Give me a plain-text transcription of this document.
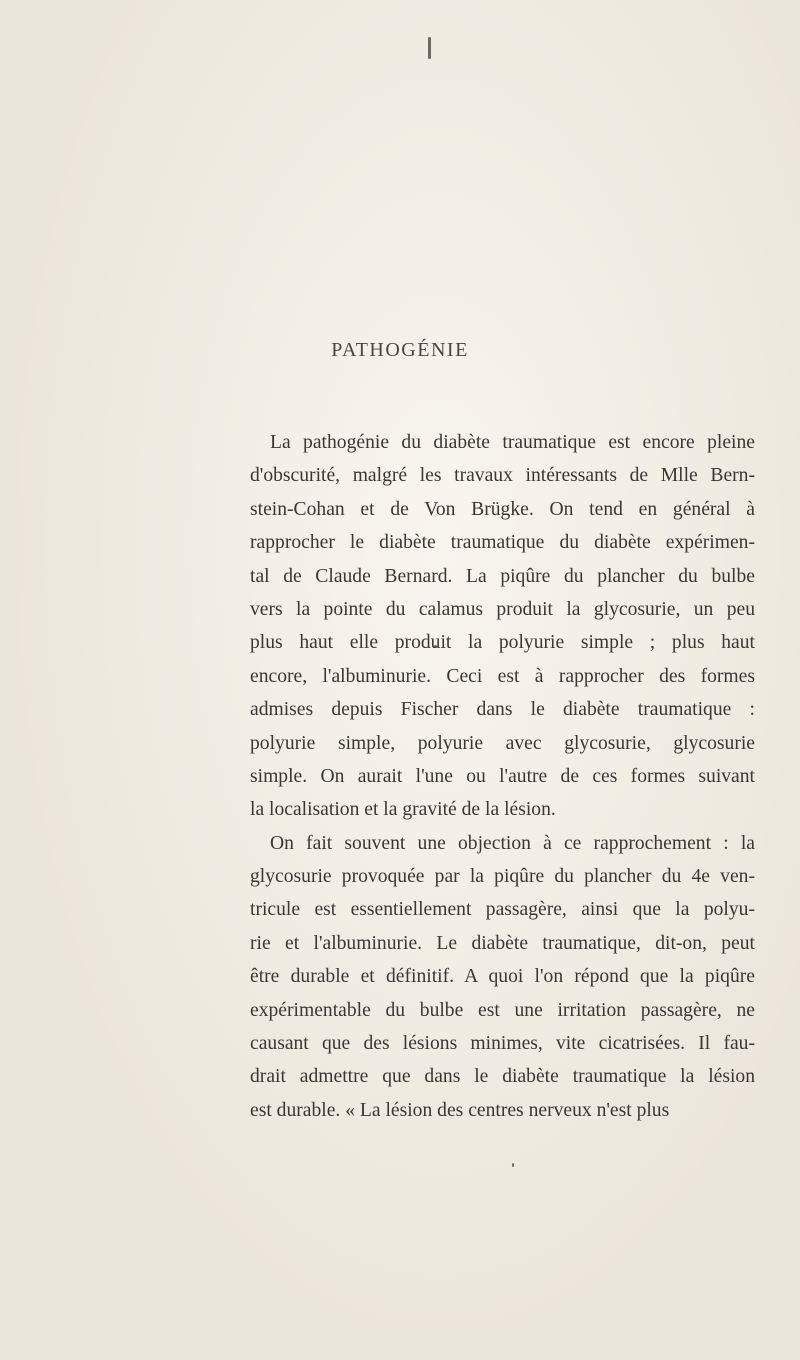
PATHOGÉNIE
La pathogénie du diabète traumatique est encore pleine
d'obscurité, malgré les travaux intéressants de Mlle Bern-
stein-Cohan et de Von Brügke. On tend en général à
rapprocher le diabète traumatique du diabète expérimen-
tal de Claude Bernard. La piqûre du plancher du bulbe
vers la pointe du calamus produit la glycosurie, un peu
plus haut elle produit la polyurie simple ; plus haut
encore, l'albuminurie. Ceci est à rapprocher des formes
admises depuis Fischer dans le diabète traumatique :
polyurie simple, polyurie avec glycosurie, glycosurie
simple. On aurait l'une ou l'autre de ces formes suivant
la localisation et la gravité de la lésion.
On fait souvent une objection à ce rapprochement : la
glycosurie provoquée par la piqûre du plancher du 4e ven-
tricule est essentiellement passagère, ainsi que la polyu-
rie et l'albuminurie. Le diabète traumatique, dit-on, peut
être durable et définitif. A quoi l'on répond que la piqûre
expérimentable du bulbe est une irritation passagère, ne
causant que des lésions minimes, vite cicatrisées. Il fau-
drait admettre que dans le diabète traumatique la lésion
est durable. « La lésion des centres nerveux n'est plus
